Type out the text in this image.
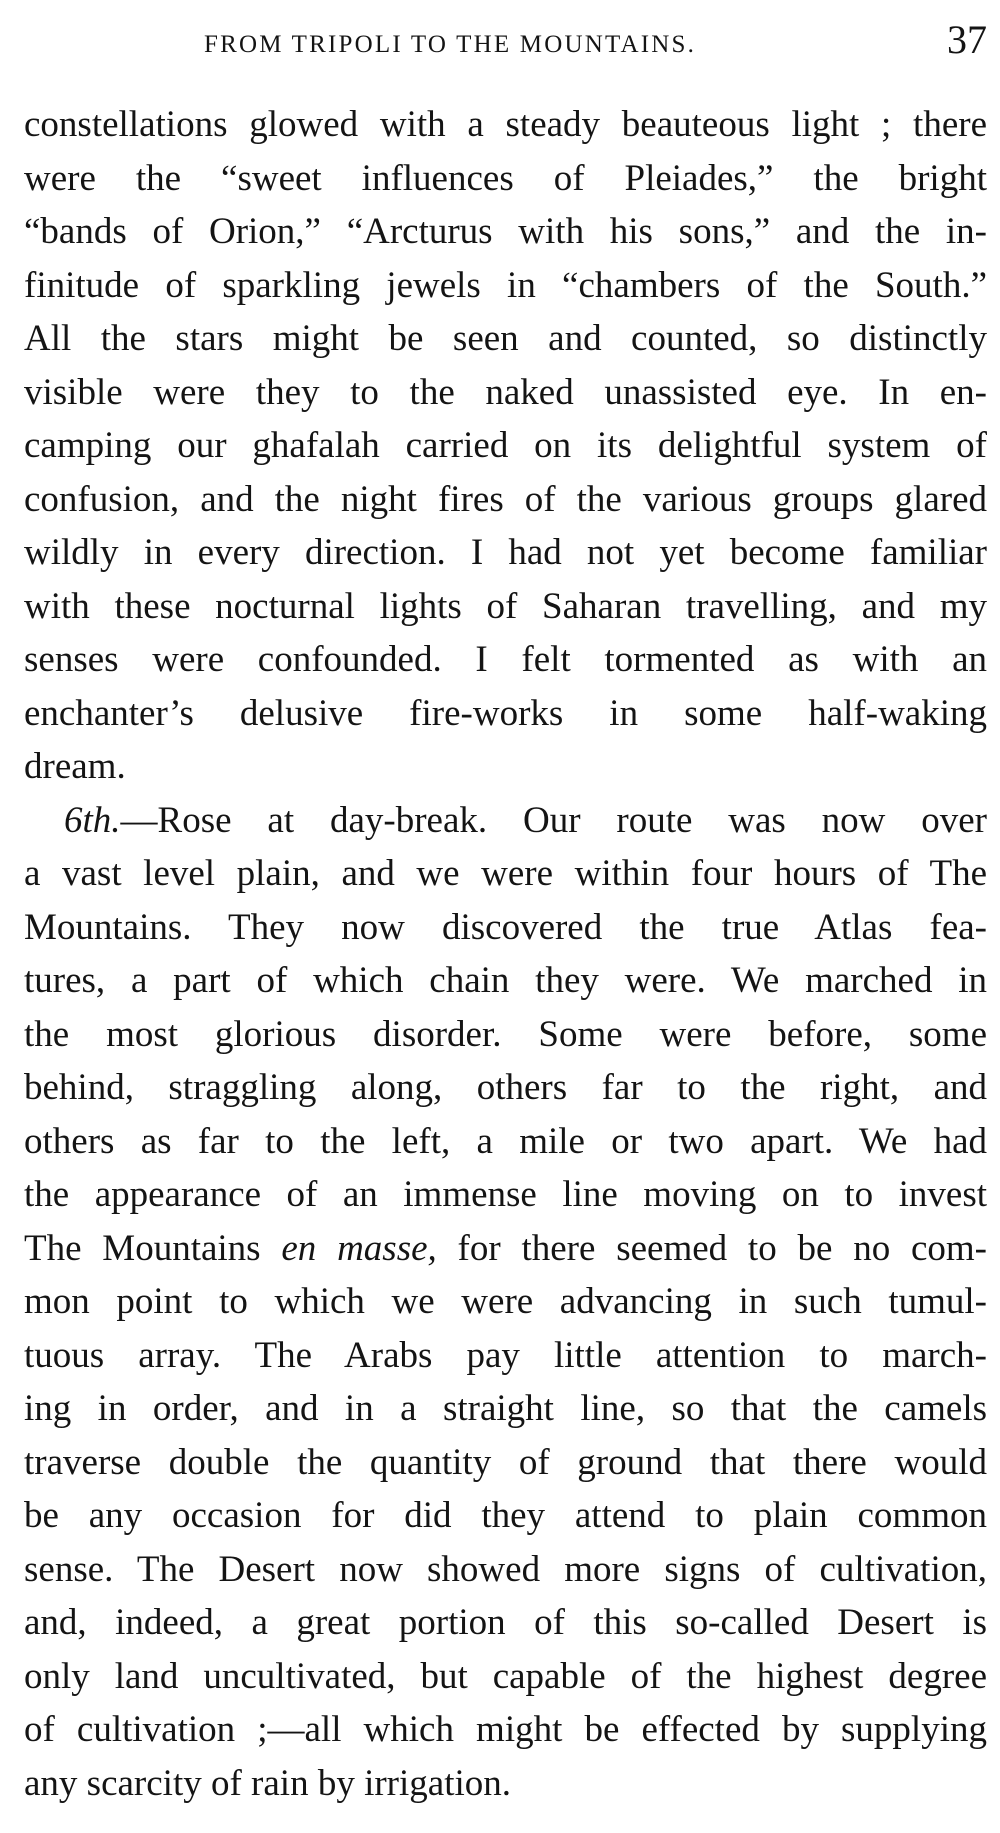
FROM TRIPOLI TO THE MOUNTAINS.	37
constellations glowed with a steady beauteous light ; there
were the “sweet influences of Pleiades,” the bright
“bands of Orion,” “Arcturus with his sons,” and the in-
finitude of sparkling jewels in “chambers of the South.”
All the stars might be seen and counted, so distinctly
visible were they to the naked unassisted eye. In en-
camping our ghafalah carried on its delightful system of
confusion, and the night fires of the various groups glared
wildly in every direction. I had not yet become familiar
with these nocturnal lights of Saharan travelling, and my
senses were confounded. I felt tormented as with an
enchanter’s delusive fire-works in some half-waking
dream.
6th.—Rose at day-break. Our route was now over
a vast level plain, and we were within four hours of The
Mountains. They now discovered the true Atlas fea-
tures, a part of which chain they were. We marched in
the most glorious disorder. Some were before, some
behind, straggling along, others far to the right, and
others as far to the left, a mile or two apart. We had
the appearance of an immense line moving on to invest
The Mountains en masse, for there seemed to be no com-
mon point to which we were advancing in such tumul-
tuous array. The Arabs pay little attention to march-
ing in order, and in a straight line, so that the camels
traverse double the quantity of ground that there would
be any occasion for did they attend to plain common
sense. The Desert now showed more signs of cultivation,
and, indeed, a great portion of this so-called Desert is
only land uncultivated, but capable of the highest degree
of cultivation ;—all which might be effected by supplying
any scarcity of rain by irrigation.
